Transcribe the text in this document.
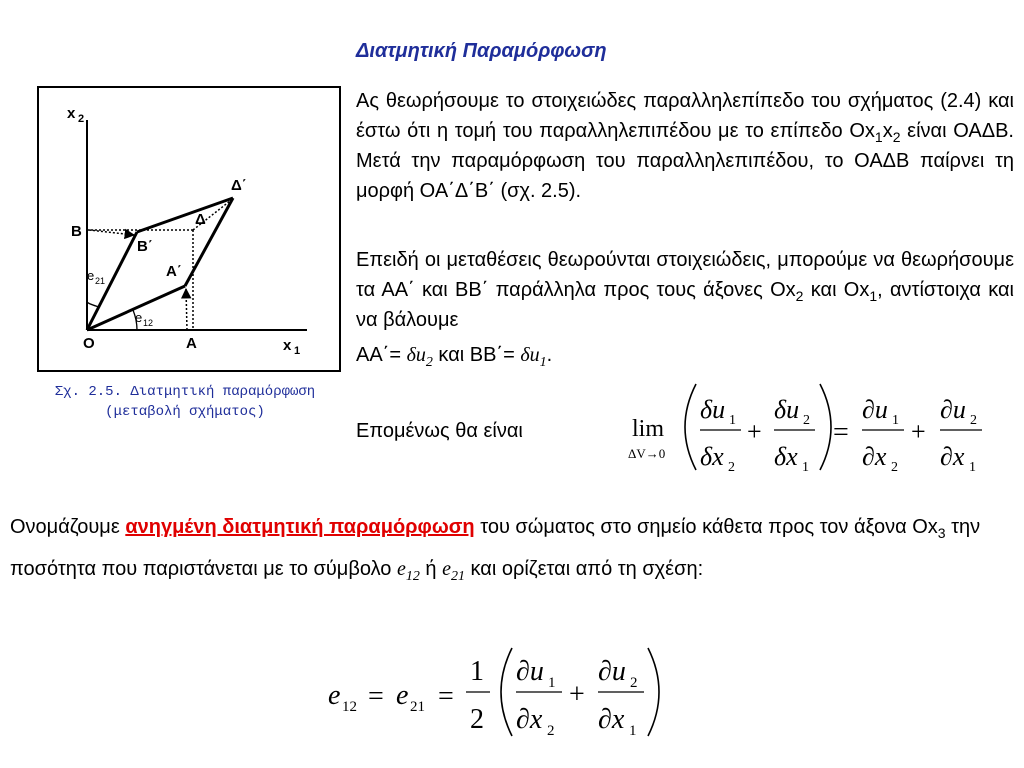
Διατμητική Παραμόρφωση
Ας θεωρήσουμε το στοιχειώδες παραλληλεπίπεδο του σχήματος (2.4) και έστω ότι η τομή του παραλληλεπιπέδου με το επίπεδο $Ox_1x_2$ είναι ΟΑΔΒ. Μετά την παραμόρφωση του παραλληλεπιπέδου, το ΟΑΔΒ παίρνει τη μορφή ΟΑ΄Δ΄Β΄ (σχ. 2.5).
Επειδή οι μεταθέσεις θεωρούνται στοιχειώδεις, μπορούμε να θεωρήσουμε τα ΑΑ΄ και ΒΒ΄ παράλληλα προς τους άξονες $Ox_2$ και $Ox_1$, αντίστοιχα και να βάλουμε
$AA΄= \delta u_2$ και $BB΄= \delta u_1$.
Επομένως θα είναι	lim
ΔV→0
δu 1
δx 2
+
δu 2
δx 1
=
∂u 1
∂x 2
+
∂u 2
∂x 1
x 2
x 1
O	A
B
A΄
B΄
Δ
Δ΄
e 21
e 12
Σχ. 2.5. Διατμητική παραμόρφωση
(μεταβολή σχήματος)
Ονομάζουμε ανηγμένη διατμητική παραμόρφωση του σώματος στο σημείο κάθετα προς τον άξονα $Ox_3$ την ποσότητα που παριστάνεται με το σύμβολο $e_{12}$ ή $e_{21}$ και ορίζεται από τη σχέση:
e 12 = e 21 =
1
2
∂u 1
∂x 2
+
∂u 2
∂x 1
